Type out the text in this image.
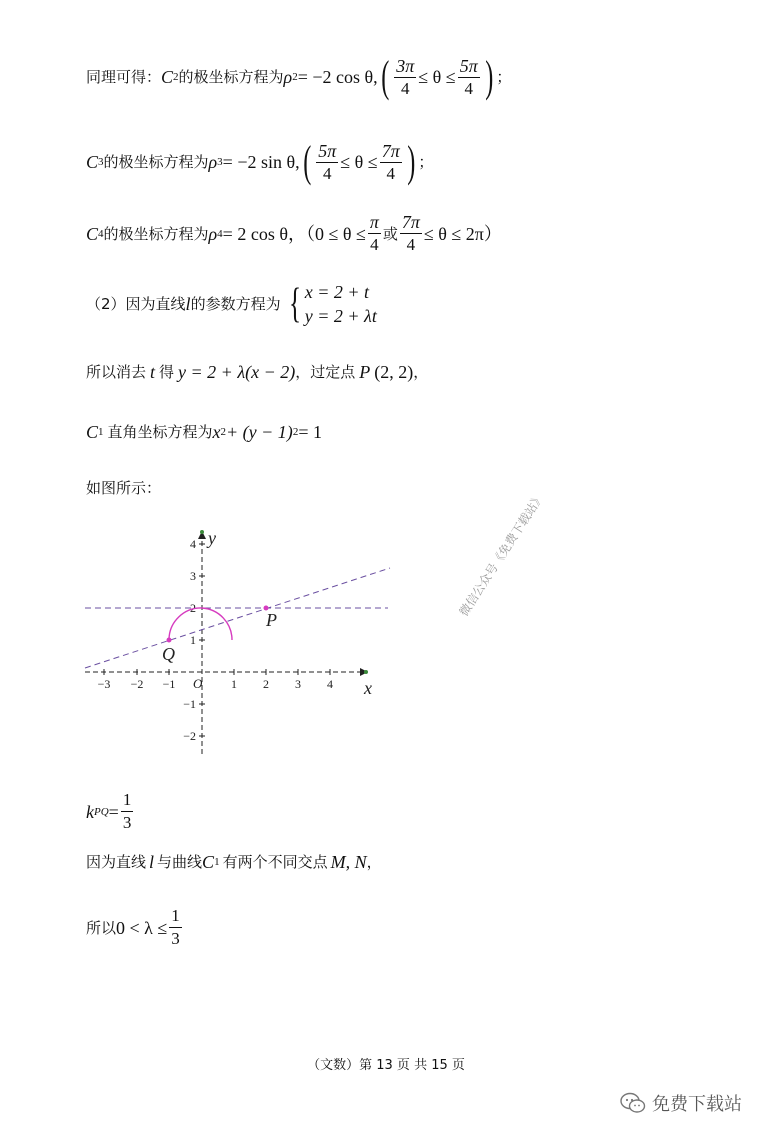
同理可得： C 2 的极坐标方程为 ρ 2 = −2 cos θ, ( $\frac{3\pi}{4} \le \theta \le \frac{5\pi}{4}$ ) ；
C 3 的极坐标方程为 ρ 3 = −2 sin θ, ( $\frac{5\pi}{4} \le \theta \le \frac{7\pi}{4}$ ) ；
C 4 的极坐标方程为 ρ 4 = 2 cos θ ，（$0 \le \theta \le \frac{\pi}{4}$ 或 $\frac{7\pi}{4} \le \theta \le 2\pi$）
（2）因为直线 l 的参数方程为 { x = 2 + t
y = 2 + λt
所以消去 t 得 y = 2 + λ(x − 2) ，过定点 P (2, 2) ，
C 1 直角坐标方程为 x 2 + (y − 1) 2 = 1
如图所示：
−3 −2 −1	1 2 3 4
O
4
3
2
1
−1
−2
x
y
P
Q
微信公众号《免费下载站》
k PQ = $\frac{1}{3}$
因为直线 l 与曲线 C 1 有两个不同交点 M, N ，
所以 $0 < \lambda \le \frac{1}{3}$
（文数）第 13 页 共 15 页
免费下载站
